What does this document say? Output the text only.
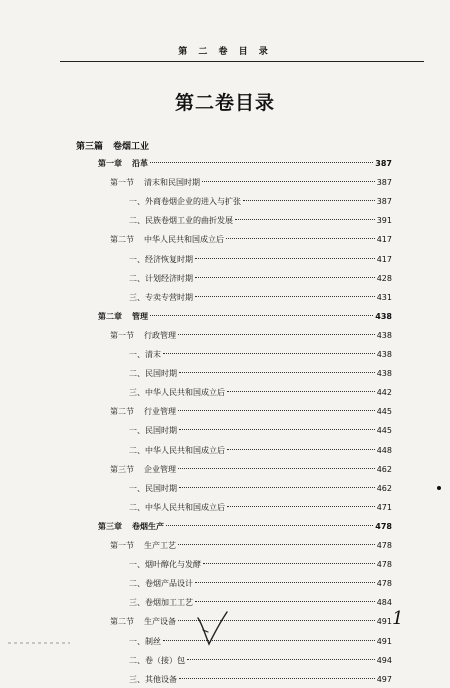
第 二 卷 目 录
第二卷目录
第三篇 卷烟工业
第一章 沿革	387
第一节 清末和民国时期	387
一、外商卷烟企业的进入与扩张	387
二、民族卷烟工业的曲折发展	391
第二节 中华人民共和国成立后	417
一、经济恢复时期	417
二、计划经济时期	428
三、专卖专营时期	431
第二章 管理	438
第一节 行政管理	438
一、清末	438
二、民国时期	438
三、中华人民共和国成立后	442
第二节 行业管理	445
一、民国时期	445
二、中华人民共和国成立后	448
第三节 企业管理	462
一、民国时期	462
二、中华人民共和国成立后	471
第三章 卷烟生产	478
第一节 生产工艺	478
一、烟叶醇化与发酵	478
二、卷烟产品设计	478
三、卷烟加工工艺	484
第二节 生产设备	491
一、制丝	491
二、卷（接）包	494
三、其他设备	497
1
